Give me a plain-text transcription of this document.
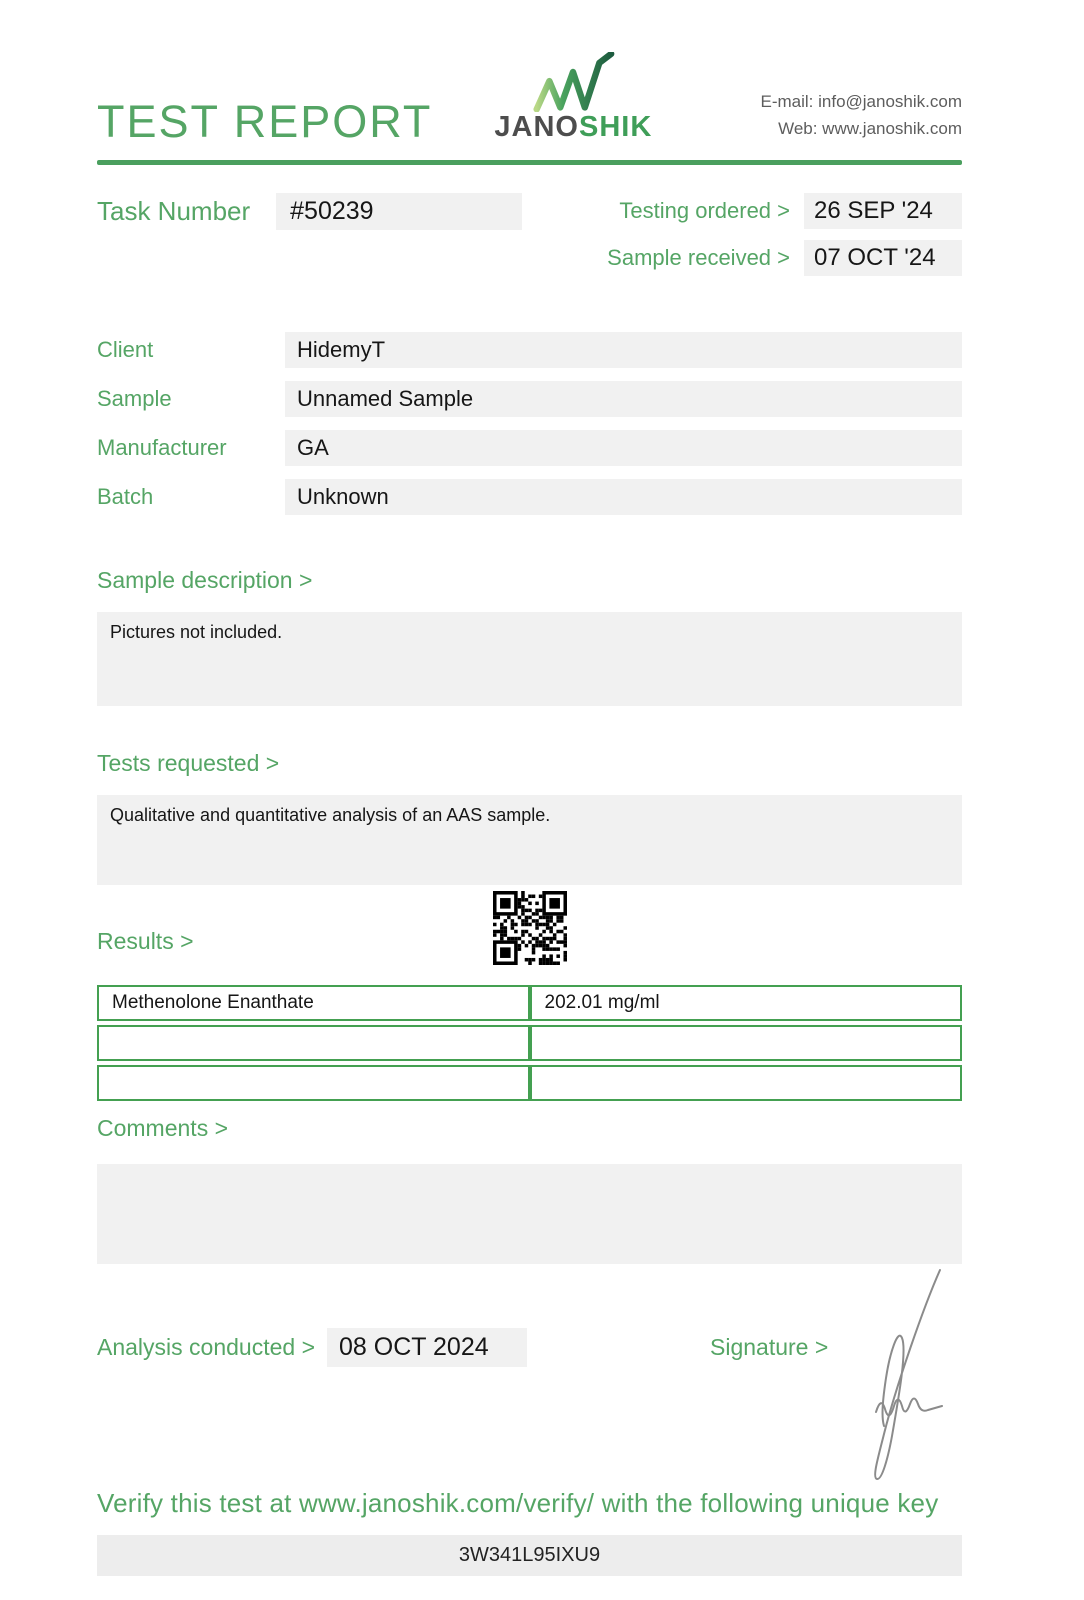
TEST REPORT JANOSHIK
E-mail: info@janoshik.com
Web: www.janoshik.com
Task Number	#50239	Testing ordered >	26 SEP '24
Sample received >	07 OCT '24
Client	HidemyT
Sample	Unnamed Sample
Manufacturer	GA
Batch	Unknown
Sample description >
Pictures not included.
Tests requested >
Qualitative and quantitative analysis of an AAS sample.
Results >
Methenolone Enanthate	202.01 mg/ml

Comments >
Analysis conducted > 08 OCT 2024	Signature >
Verify this test at www.janoshik.com/verify/ with the following unique key
3W341L95IXU9
